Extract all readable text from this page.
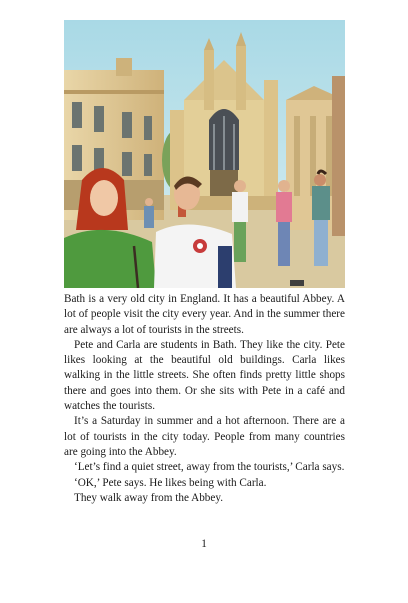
Bath is a very old city in England. It has a beautiful Abbey. A lot of people visit the city every year. And in the summer there are always a lot of tourists in the streets.

Pete and Carla are students in Bath. They like the city. Pete likes looking at the beautiful old buildings. Carla likes walking in the little streets. She often finds pretty little shops there and goes into them. Or she sits with Pete in a café and watches the tourists.

It’s a Saturday in summer and a hot afternoon. There are a lot of tourists in the city today. People from many countries are going into the Abbey.

‘Let’s find a quiet street, away from the tourists,’ Carla says.

‘OK,’ Pete says. He likes being with Carla.

They walk away from the Abbey.

1
